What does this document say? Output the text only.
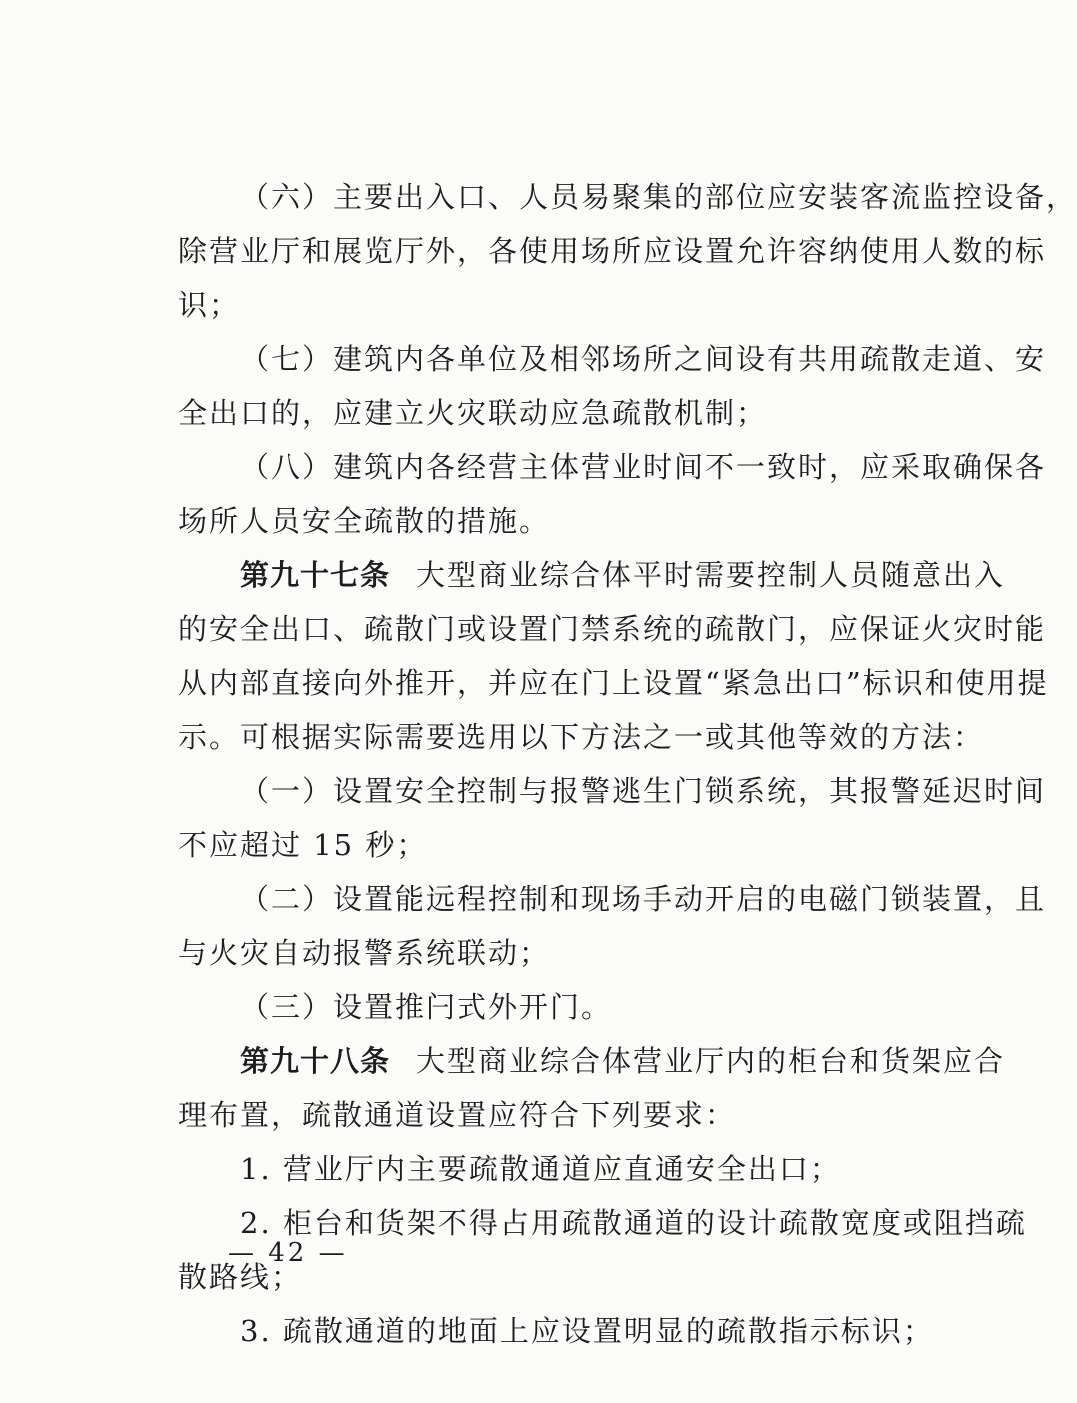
（六）主要出入口、人员易聚集的部位应安装客流监控设备，
除营业厅和展览厅外，各使用场所应设置允许容纳使用人数的标
识；
（七）建筑内各单位及相邻场所之间设有共用疏散走道、安
全出口的，应建立火灾联动应急疏散机制；
（八）建筑内各经营主体营业时间不一致时，应采取确保各
场所人员安全疏散的措施。
第九十七条 大型商业综合体平时需要控制人员随意出入
的安全出口、疏散门或设置门禁系统的疏散门，应保证火灾时能
从内部直接向外推开，并应在门上设置“紧急出口”标识和使用提
示。可根据实际需要选用以下方法之一或其他等效的方法：
（一）设置安全控制与报警逃生门锁系统，其报警延迟时间
不应超过 15 秒；
（二）设置能远程控制和现场手动开启的电磁门锁装置，且
与火灾自动报警系统联动；
（三）设置推闩式外开门。
第九十八条 大型商业综合体营业厅内的柜台和货架应合
理布置，疏散通道设置应符合下列要求：
1. 营业厅内主要疏散通道应直通安全出口；
2. 柜台和货架不得占用疏散通道的设计疏散宽度或阻挡疏
散路线；
3. 疏散通道的地面上应设置明显的疏散指示标识；
— 42 —
